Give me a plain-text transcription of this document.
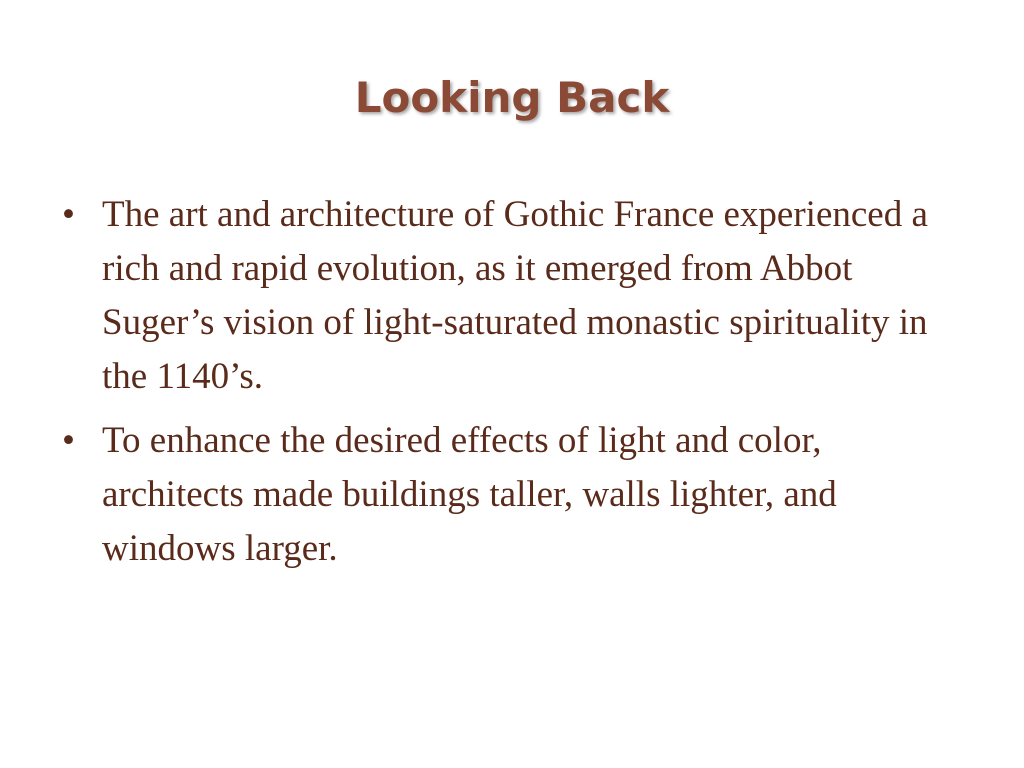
Looking Back
• The art and architecture of Gothic France experienced a rich and rapid evolution, as it emerged from Abbot Suger’s vision of light-saturated monastic spirituality in the 1140’s.
• To enhance the desired effects of light and color, architects made buildings taller, walls lighter, and windows larger.
